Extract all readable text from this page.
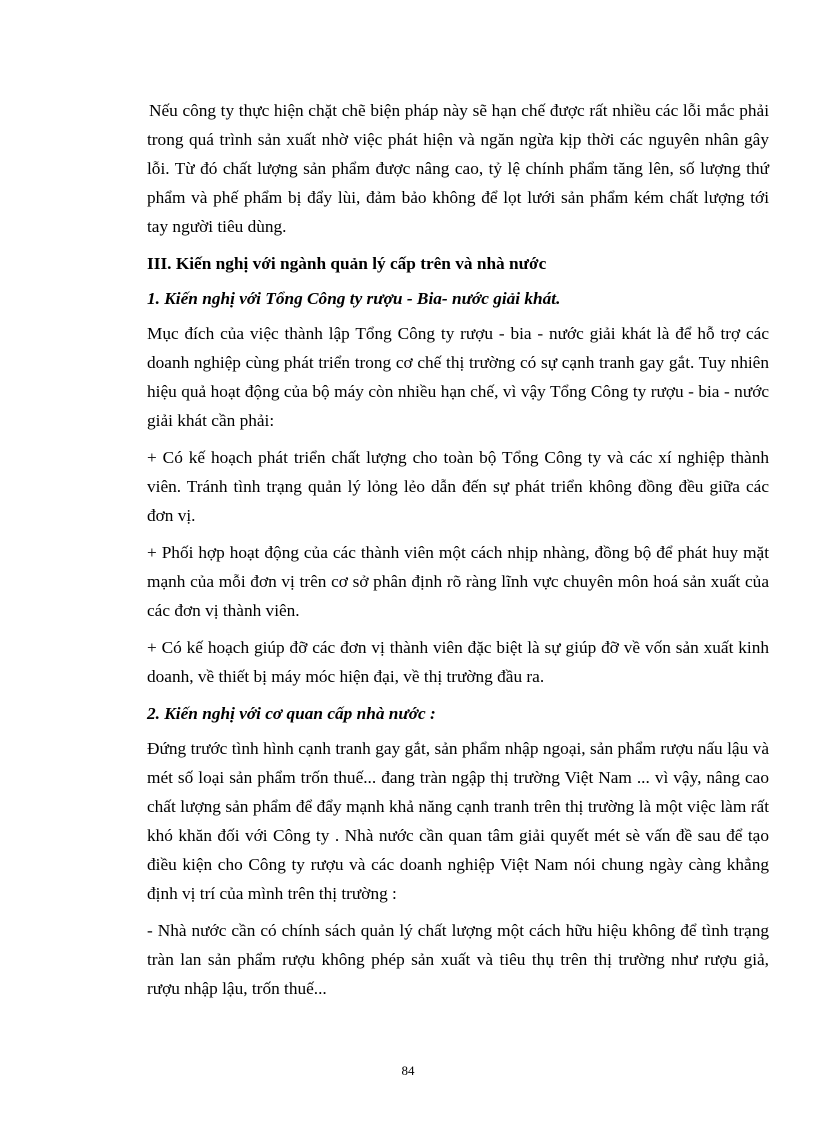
Nếu công ty thực hiện chặt chẽ biện pháp này sẽ hạn chế được rất nhiều các lỗi mắc phải trong quá trình sản xuất nhờ việc phát hiện và ngăn ngừa kịp thời các nguyên nhân gây lỗi. Từ đó chất lượng sản phẩm được nâng cao, tỷ lệ chính phẩm tăng lên, số lượng thứ phẩm và phế phẩm bị đẩy lùi, đảm bảo không để lọt lưới sản phẩm kém chất lượng tới tay người tiêu dùng.

III. Kiến nghị với ngành quản lý cấp trên và nhà nước

1. Kiến nghị với Tổng Công ty rượu - Bia- nước giải khát.

Mục đích của việc thành lập Tổng Công ty rượu - bia - nước giải khát là để hỗ trợ các doanh nghiệp cùng phát triển trong cơ chế thị trường có sự cạnh tranh gay gắt. Tuy nhiên hiệu quả hoạt động của bộ máy còn nhiều hạn chế, vì vậy Tổng Công ty rượu - bia - nước giải khát cần phải:

+ Có kế hoạch phát triển chất lượng cho toàn bộ Tổng Công ty và các xí nghiệp thành viên. Tránh tình trạng quản lý lỏng lẻo dẫn đến sự phát triển không đồng đều giữa các đơn vị.

+ Phối hợp hoạt động của các thành viên một cách nhịp nhàng, đồng bộ để phát huy mặt mạnh của mỗi đơn vị trên cơ sở phân định rõ ràng lĩnh vực chuyên môn hoá sản xuất của các đơn vị thành viên.

+ Có kế hoạch giúp đỡ các đơn vị thành viên đặc biệt là sự giúp đỡ về vốn sản xuất kinh doanh, về thiết bị máy móc hiện đại, về thị trường đầu ra.

2. Kiến nghị với cơ quan cấp nhà nước :

Đứng trước tình hình cạnh tranh gay gắt, sản phẩm nhập ngoại, sản phẩm rượu nấu lậu và mét số loại sản phẩm trốn thuế... đang tràn ngập thị trường Việt Nam ... vì vậy, nâng cao chất lượng sản phẩm để đẩy mạnh khả năng cạnh tranh trên thị trường là một việc làm rất khó khăn đối với Công ty . Nhà nước cần quan tâm giải quyết mét sè vấn đề sau để tạo điều kiện cho Công ty rượu và các doanh nghiệp Việt Nam nói chung ngày càng khẳng định vị trí của mình trên thị trường :

- Nhà nước cần có chính sách quản lý chất lượng một cách hữu hiệu không để tình trạng tràn lan sản phẩm rượu không phép sản xuất và tiêu thụ trên thị trường như rượu giả, rượu nhập lậu, trốn thuế...

84
